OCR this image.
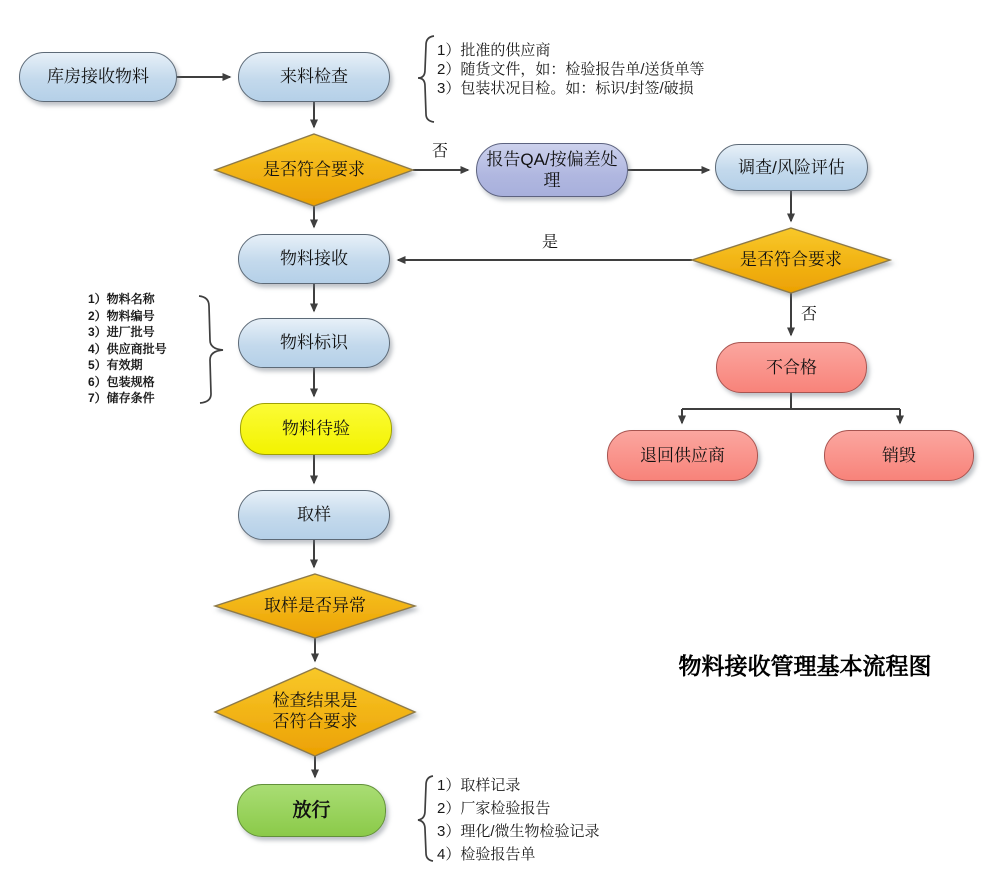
库房接收物料	来料检查
报告QA/按偏差处理
调查/风险评估
物料接收
不合格
退回供应商	销毁
物料标识
物料待验
取样
放行
是否符合要求
是否符合要求
取样是否异常
检查结果是否符合要求
否
是
否
1）批准的供应商
2）随货文件，如：检验报告单/送货单等
3）包装状况目检。如：标识/封签/破损
1）物料名称
2）物料编号
3）进厂批号
4）供应商批号
5）有效期
6）包装规格
7）储存条件
1）取样记录
2）厂家检验报告
3）理化/微生物检验记录
4）检验报告单
物料接收管理基本流程图
